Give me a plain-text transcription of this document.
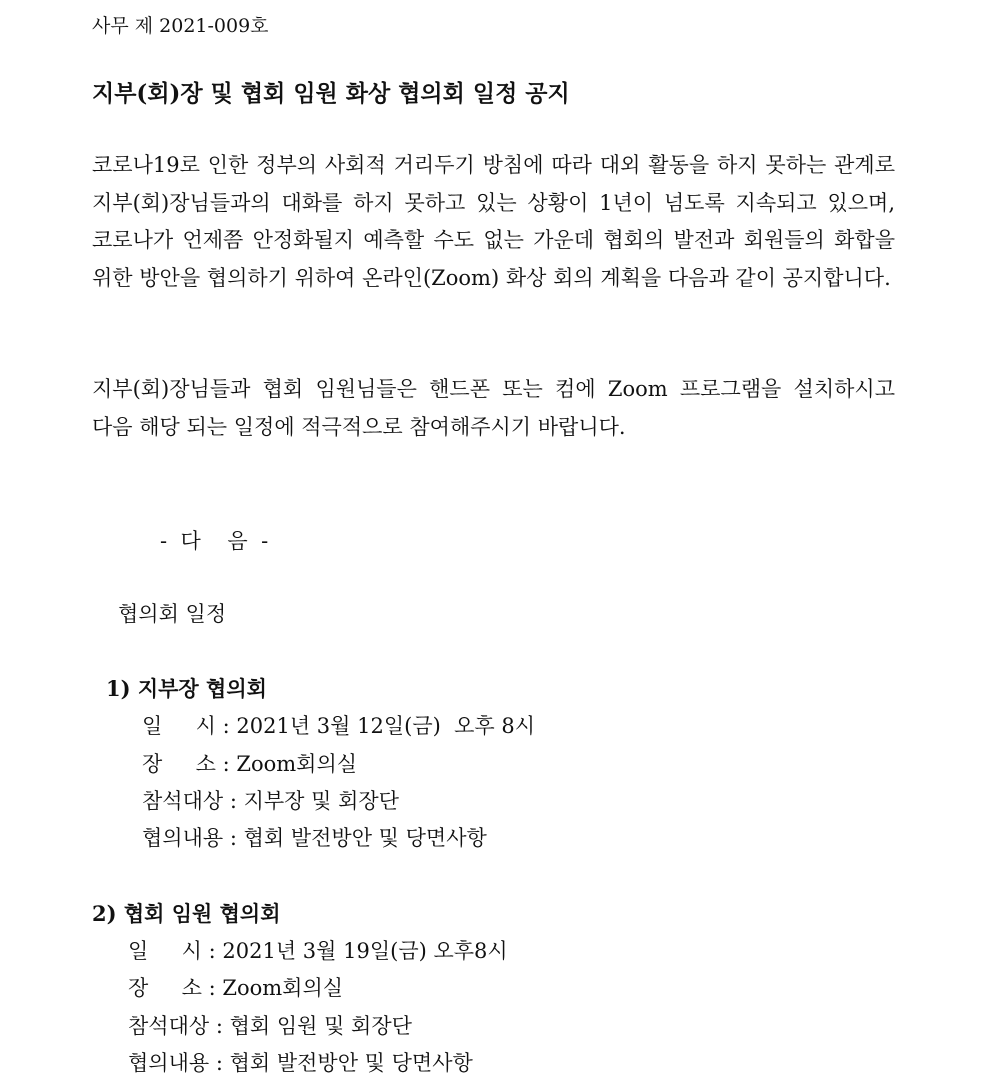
사무 제 2021-009호
지부(회)장 및 협회 임원 화상 협의회 일정 공지
코로나19로 인한 정부의 사회적 거리두기 방침에 따라 대외 활동을 하지 못하는 관계로 지부(회)장님들과의 대화를 하지 못하고 있는 상황이 1년이 넘도록 지속되고 있으며, 코로나가 언제쯤 안정화될지 예측할 수도 없는 가운데 협회의 발전과 회원들의 화합을 위한 방안을 협의하기 위하여 온라인(Zoom) 화상 회의 계획을 다음과 같이 공지합니다.
지부(회)장님들과 협회 임원님들은 핸드폰 또는 컴에 Zoom 프로그램을 설치하시고 다음 해당 되는 일정에 적극적으로 참여해주시기 바랍니다.
-  다    음  -
협의회 일정
1) 지부장 협의회
일     시 : 2021년 3월 12일(금)  오후 8시
장     소 : Zoom회의실
참석대상 : 지부장 및 회장단
협의내용 : 협회 발전방안 및 당면사항
2) 협회 임원 협의회
일     시 : 2021년 3월 19일(금) 오후8시
장     소 : Zoom회의실
참석대상 : 협회 임원 및 회장단
협의내용 : 협회 발전방안 및 당면사항
